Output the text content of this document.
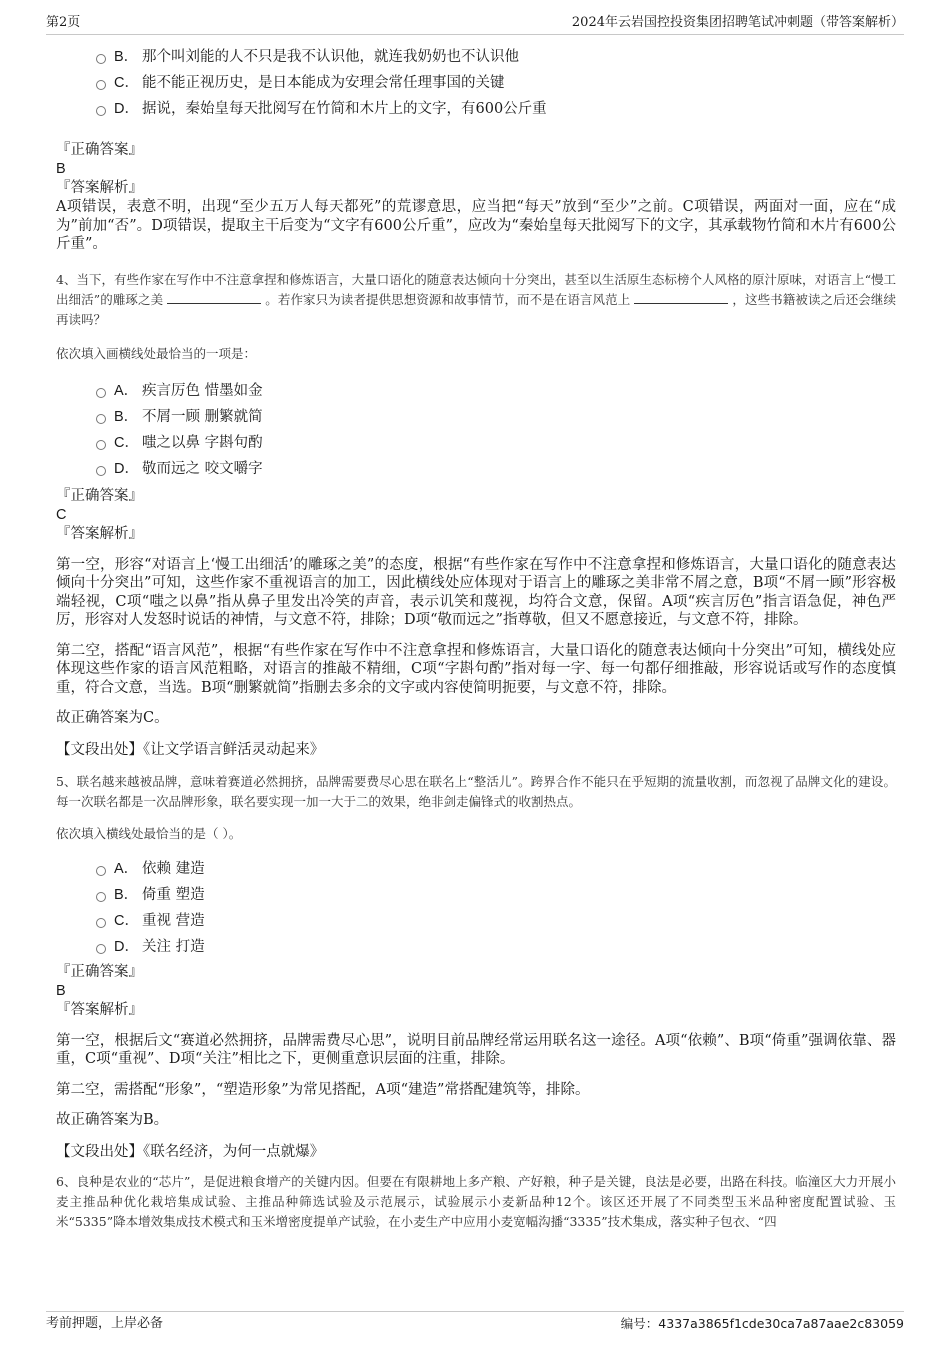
第2页	2024年云岩国控投资集团招聘笔试冲刺题（带答案解析）
B． 那个叫刘能的人不只是我不认识他，就连我奶奶也不认识他
C． 能不能正视历史，是日本能成为安理会常任理事国的关键
D． 据说，秦始皇每天批阅写在竹简和木片上的文字，有600公斤重
『正确答案』
B
『答案解析』
A项错误，表意不明，出现“至少五万人每天都死”的荒谬意思，应当把“每天”放到“至少”之前。C项错误，两面对一面，应在“成为”前加“否”。D项错误，提取主干后变为“文字有600公斤重”，应改为“秦始皇每天批阅写下的文字，其承载物竹简和木片有600公斤重”。
4、当下，有些作家在写作中不注意拿捏和修炼语言，大量口语化的随意表达倾向十分突出，甚至以生活原生态标榜个人风格的原汁原味，对语言上“慢工出细活”的雕琢之美	。若作家只为读者提供思想资源和故事情节，而不是在语言风范上	，这些书籍被读之后还会继续再读吗？
依次填入画横线处最恰当的一项是：
A． 疾言厉色 惜墨如金
B． 不屑一顾 删繁就简
C． 嗤之以鼻 字斟句酌
D． 敬而远之 咬文嚼字
『正确答案』
C
『答案解析』
第一空，形容“对语言上‘慢工出细活’的雕琢之美”的态度，根据“有些作家在写作中不注意拿捏和修炼语言，大量口语化的随意表达倾向十分突出”可知，这些作家不重视语言的加工，因此横线处应体现对于语言上的雕琢之美非常不屑之意，B项“不屑一顾”形容极端轻视，C项“嗤之以鼻”指从鼻子里发出冷笑的声音，表示讥笑和蔑视，均符合文意，保留。A项“疾言厉色”指言语急促，神色严厉，形容对人发怒时说话的神情，与文意不符，排除；D项“敬而远之”指尊敬，但又不愿意接近，与文意不符，排除。
第二空，搭配“语言风范”，根据“有些作家在写作中不注意拿捏和修炼语言，大量口语化的随意表达倾向十分突出”可知，横线处应体现这些作家的语言风范粗略，对语言的推敲不精细，C项“字斟句酌”指对每一字、每一句都仔细推敲，形容说话或写作的态度慎重，符合文意，当选。B项“删繁就简”指删去多余的文字或内容使简明扼要，与文意不符，排除。
故正确答案为C。
【文段出处】《让文学语言鲜活灵动起来》
5、联名越来越被品牌，意味着赛道必然拥挤，品牌需要费尽心思在联名上“整活儿”。跨界合作不能只在乎短期的流量收割，而忽视了品牌文化的建设。每一次联名都是一次品牌形象，联名要实现一加一大于二的效果，绝非剑走偏锋式的收割热点。
依次填入横线处最恰当的是（ ）。
A． 依赖 建造
B． 倚重 塑造
C． 重视 营造
D． 关注 打造
『正确答案』
B
『答案解析』
第一空，根据后文“赛道必然拥挤，品牌需费尽心思”，说明目前品牌经常运用联名这一途径。A项“依赖”、B项“倚重”强调依靠、器重，C项“重视”、D项“关注”相比之下，更侧重意识层面的注重，排除。
第二空，需搭配“形象”，“塑造形象”为常见搭配，A项“建造”常搭配建筑等，排除。
故正确答案为B。
【文段出处】《联名经济，为何一点就爆》
6、良种是农业的“芯片”，是促进粮食增产的关键内因。但要在有限耕地上多产粮、产好粮，种子是关键，良法是必要，出路在科技。临潼区大力开展小麦主推品种优化栽培集成试验、主推品种筛选试验及示范展示，试验展示小麦新品种12个。该区还开展了不同类型玉米品种密度配置试验、玉米“5335”降本增效集成技术模式和玉米增密度提单产试验，在小麦生产中应用小麦宽幅沟播“3335”技术集成，落实种子包衣、“四
考前押题，上岸必备	编号：4337a3865f1cde30ca7a87aae2c83059
